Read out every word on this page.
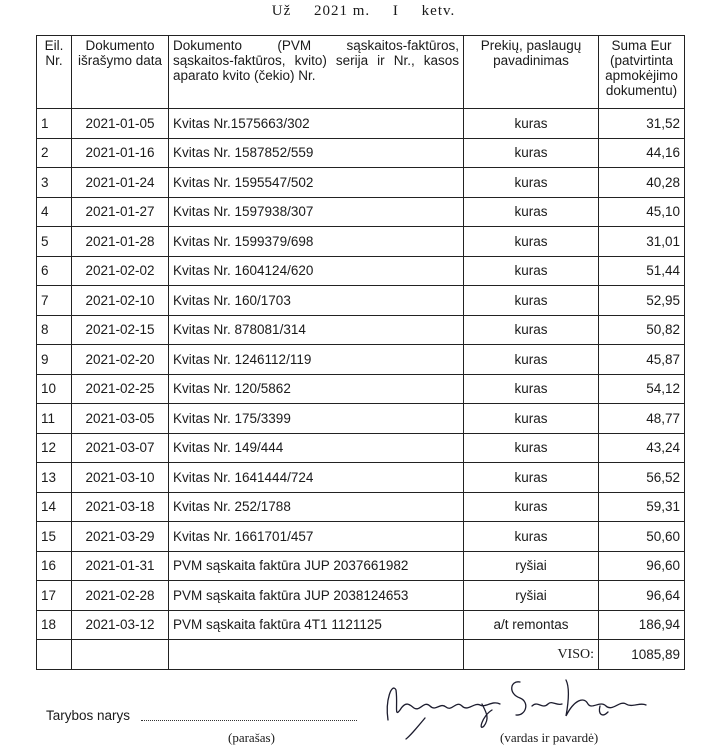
Už 2021 m. I ketv.
Eil. Nr.	Dokumento išrašymo data	Dokumento (PVM sąskaitos-faktūros, sąskaitos-faktūros, kvito) serija ir Nr., kasos aparato kvito (čekio) Nr.	Prekių, paslaugų pavadinimas	Suma Eur (patvirtinta apmokėjimo dokumentu)
1	2021-01-05	Kvitas Nr.1575663/302	kuras	31,52
2	2021-01-16	Kvitas Nr. 1587852/559	kuras	44,16
3	2021-01-24	Kvitas Nr. 1595547/502	kuras	40,28
4	2021-01-27	Kvitas Nr. 1597938/307	kuras	45,10
5	2021-01-28	Kvitas Nr. 1599379/698	kuras	31,01
6	2021-02-02	Kvitas Nr. 1604124/620	kuras	51,44
7	2021-02-10	Kvitas Nr. 160/1703	kuras	52,95
8	2021-02-15	Kvitas Nr. 878081/314	kuras	50,82
9	2021-02-20	Kvitas Nr. 1246112/119	kuras	45,87
10	2021-02-25	Kvitas Nr. 120/5862	kuras	54,12
11	2021-03-05	Kvitas Nr. 175/3399	kuras	48,77
12	2021-03-07	Kvitas Nr. 149/444	kuras	43,24
13	2021-03-10	Kvitas Nr. 1641444/724	kuras	56,52
14	2021-03-18	Kvitas Nr. 252/1788	kuras	59,31
15	2021-03-29	Kvitas Nr. 1661701/457	kuras	50,60
16	2021-01-31	PVM sąskaita faktūra JUP 2037661982	ryšiai	96,60
17	2021-02-28	PVM sąskaita faktūra JUP 2038124653	ryšiai	96,64
18	2021-03-12	PVM sąskaita faktūra 4T1 1121125	a/t remontas	186,94
			VISO:	1085,89
Tarybos narys
(parašas)	(vardas ir pavardė)
